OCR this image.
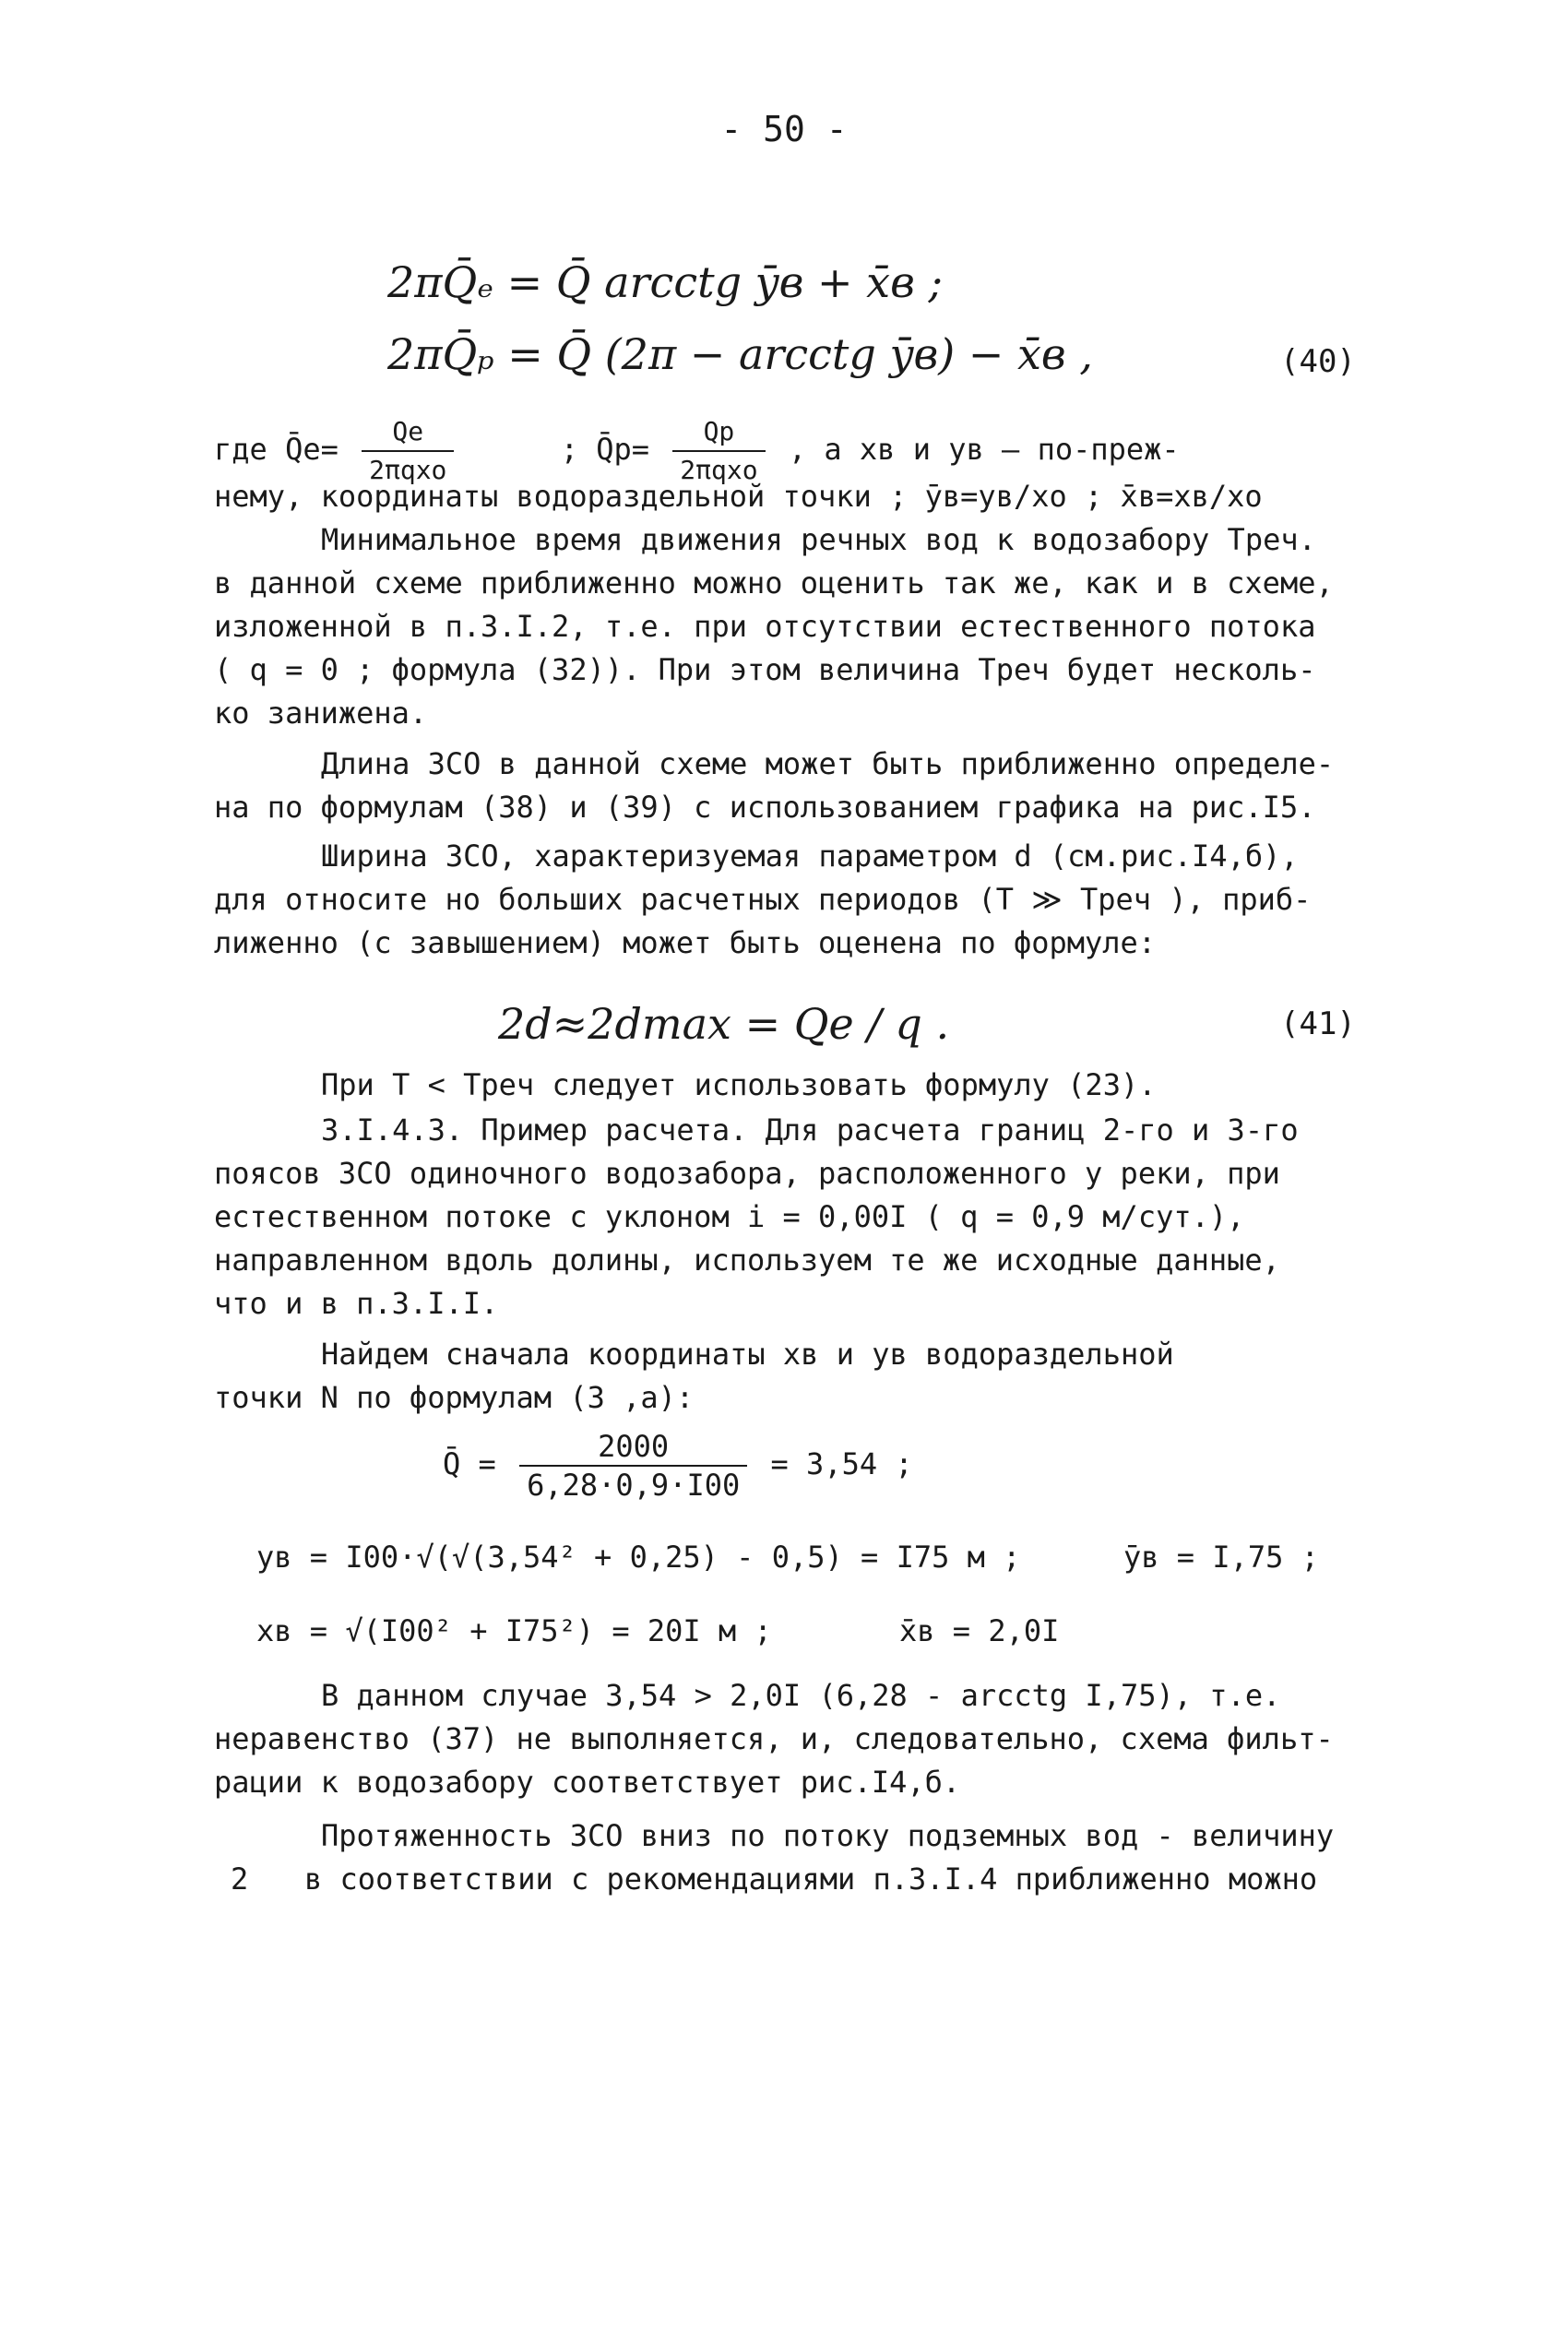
- 50 -
2πQ̄ₑ = Q̄ arcctg ȳв + x̄в ;
2πQ̄ₚ = Q̄ (2π − arcctg ȳв) − x̄в ,	(40)
где Q̄e= $\frac{Qe}{\text{2πqxo}}$	; Q̄p= $\frac{Qp}{\text{2πqxo}}$ , а xв и yв – по-преж-
нему, координаты водораздельной точки ; ȳв=yв/xo ; x̄в=xв/xo
Минимальное время движения речных вод к водозабору Tреч.
в данной схеме приближенно можно оценить так же, как и в схеме,
изложенной в п.3.I.2, т.е. при отсутствии естественного потока
( q = 0 ; формула (32)). При этом величина Tреч будет несколь-
ко занижена.
Длина ЗСО в данной схеме может быть приближенно определе-
на по формулам (38) и (39) с использованием графика на рис.I5.
Ширина ЗСО, характеризуемая параметром d (см.рис.I4,б),
для относите но больших расчетных периодов (T ≫ Tреч ), приб-
лиженно (с завышением) может быть оценена по формуле:
2d≈2dmax = Qe / q .	(41)
При T < Tреч следует использовать формулу (23).
3.I.4.3. Пример расчета. Для расчета границ 2-го и 3-го
поясов ЗСО одиночного водозабора, расположенного у реки, при
естественном потоке с уклоном i = 0,00I ( q = 0,9 м/сут.),
направленном вдоль долины, используем те же исходные данные,
что и в п.3.I.I.
Найдем сначала координаты xв и yв водораздельной
точки N по формулам (3 ,а):
Q̄ = $\frac{2000}{6,28\cdot 0,9\cdot I00} = 3,54$ ;
yв = I00·√(√(3,54² + 0,25) - 0,5) = I75 м ;	ȳв = I,75 ;
xв = √(I00² + I75²) = 20I м ;	x̄в = 2,0I
В данном случае 3,54 > 2,0I (6,28 - arcctg I,75), т.е.
неравенство (37) не выполняется, и, следовательно, схема фильт-
рации к водозабору соответствует рис.I4,б.
Протяженность ЗСО вниз по потоку подземных вод - величину
2 в соответствии с рекомендациями п.3.I.4 приближенно можно
